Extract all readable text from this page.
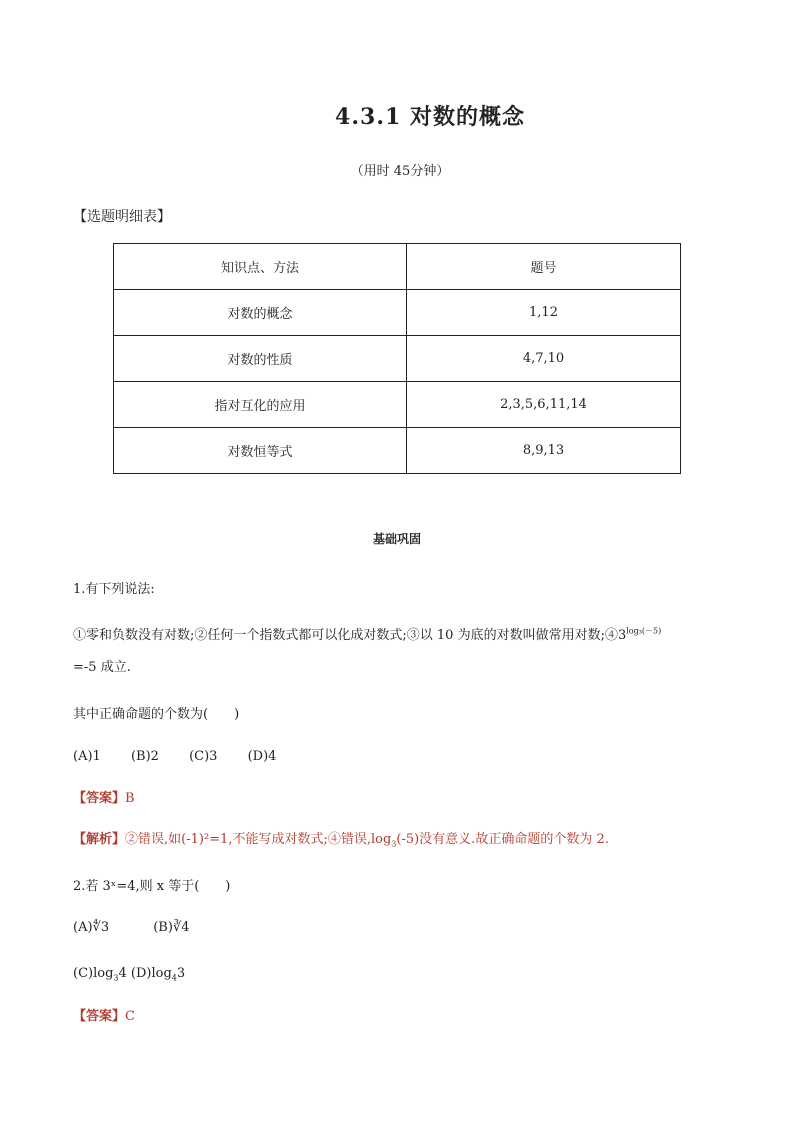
4.3.1 对数的概念
（用时 45分钟）
【选题明细表】
知识点、方法	题号
对数的概念	1,12
对数的性质	4,7,10
指对互化的应用	2,3,5,6,11,14
对数恒等式	8,9,13
基础巩固
1.有下列说法:
①零和负数没有对数;②任何一个指数式都可以化成对数式;③以 10 为底的对数叫做常用对数$;④3^{log_3(-5)}$
=-5 成立.
其中正确命题的个数为(　　)
(A)1 (B)2 (C)3 (D)4
【答案】B
【解析】②错误,如(-1)²=1,不能写成对数式;④错误$,\log_3(-5)$没有意义.故正确命题的个数为 2.
2.若 3ˣ=4,则 x 等于(　　)
(A)∜3	(B)∛4
$(C)\log_34$ $(D)\log_43$
【答案】C
